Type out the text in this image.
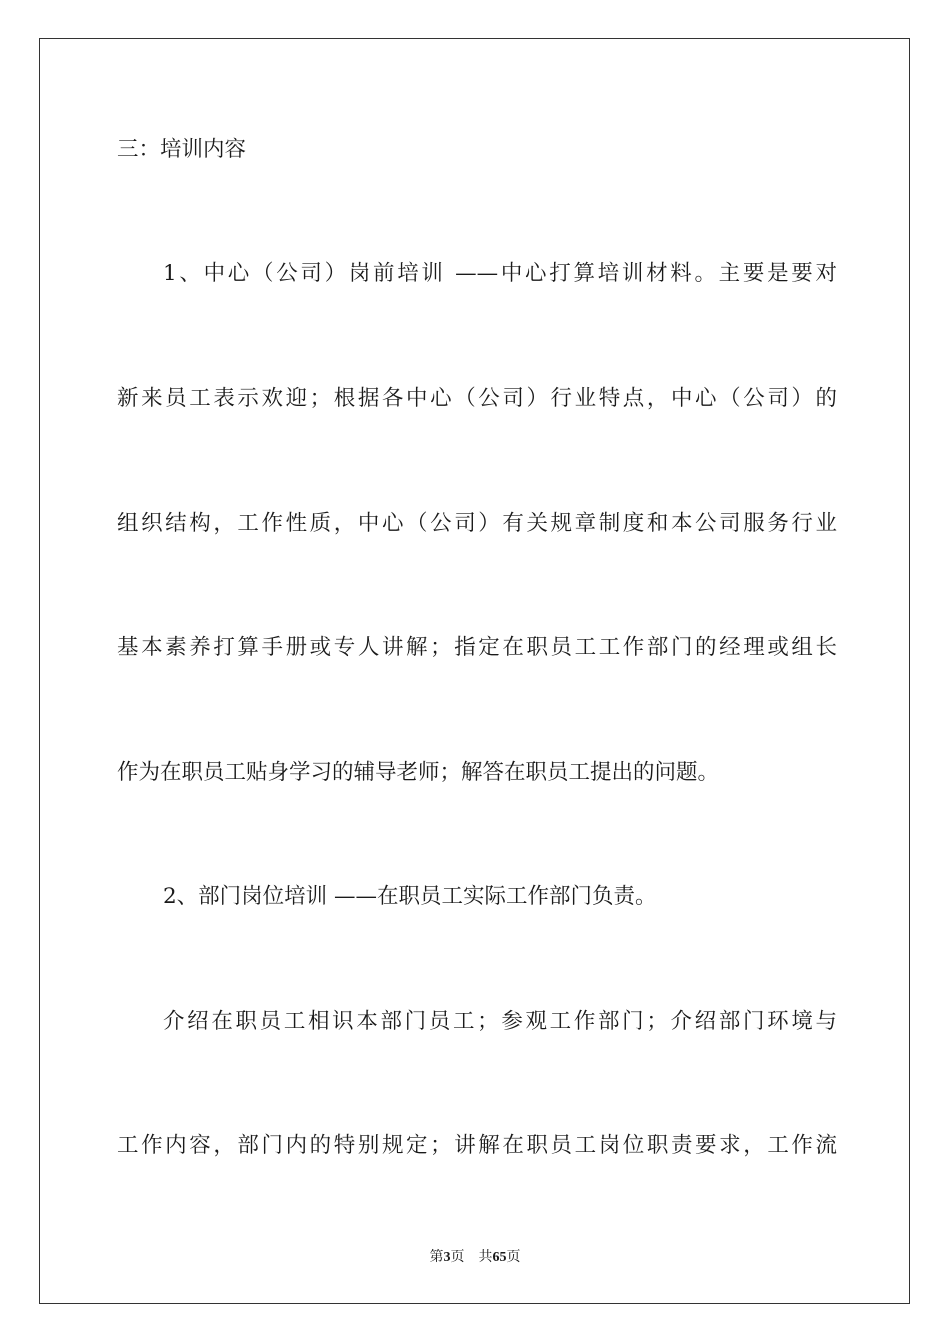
三：培训内容
1、中心（公司）岗前培训 ——中心打算培训材料。主要是要对
新来员工表示欢迎；根据各中心（公司）行业特点，中心（公司）的
组织结构，工作性质，中心（公司）有关规章制度和本公司服务行业
基本素养打算手册或专人讲解；指定在职员工工作部门的经理或组长
作为在职员工贴身学习的辅导老师；解答在职员工提出的问题。
2、部门岗位培训 ——在职员工实际工作部门负责。
介绍在职员工相识本部门员工；参观工作部门；介绍部门环境与
工作内容，部门内的特别规定；讲解在职员工岗位职责要求，工作流
第3页 共65页
